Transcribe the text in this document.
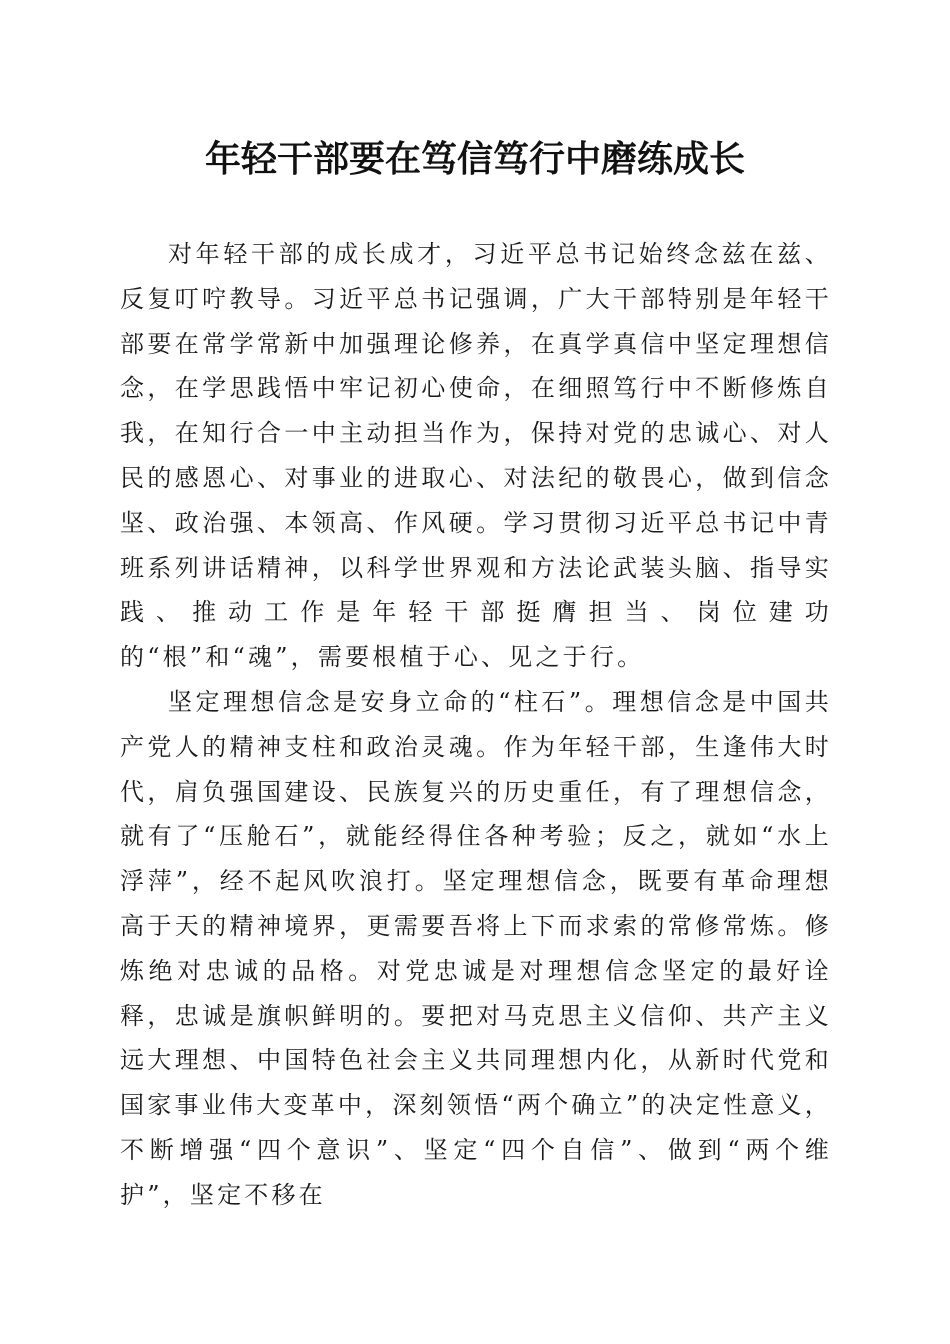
年轻干部要在笃信笃行中磨练成长

对年轻干部的成长成才，习近平总书记始终念兹在兹、反复叮咛教导。习近平总书记强调，广大干部特别是年轻干部要在常学常新中加强理论修养，在真学真信中坚定理想信念，在学思践悟中牢记初心使命，在细照笃行中不断修炼自我，在知行合一中主动担当作为，保持对党的忠诚心、对人民的感恩心、对事业的进取心、对法纪的敬畏心，做到信念坚、政治强、本领高、作风硬。学习贯彻习近平总书记中青班系列讲话精神，以科学世界观和方法论武装头脑、指导实践、推动工作是年轻干部挺膺担当、岗位建功的“根”和“魂”，需要根植于心、见之于行。

坚定理想信念是安身立命的“柱石”。理想信念是中国共产党人的精神支柱和政治灵魂。作为年轻干部，生逢伟大时代，肩负强国建设、民族复兴的历史重任，有了理想信念，就有了“压舱石”，就能经得住各种考验；反之，就如“水上浮萍”，经不起风吹浪打。坚定理想信念，既要有革命理想高于天的精神境界，更需要吾将上下而求索的常修常炼。修炼绝对忠诚的品格。对党忠诚是对理想信念坚定的最好诠释，忠诚是旗帜鲜明的。要把对马克思主义信仰、共产主义远大理想、中国特色社会主义共同理想内化，从新时代党和国家事业伟大变革中，深刻领悟“两个确立”的决定性意义，不断增强“四个意识”、坚定“四个自信”、做到“两个维护”，坚定不移在
